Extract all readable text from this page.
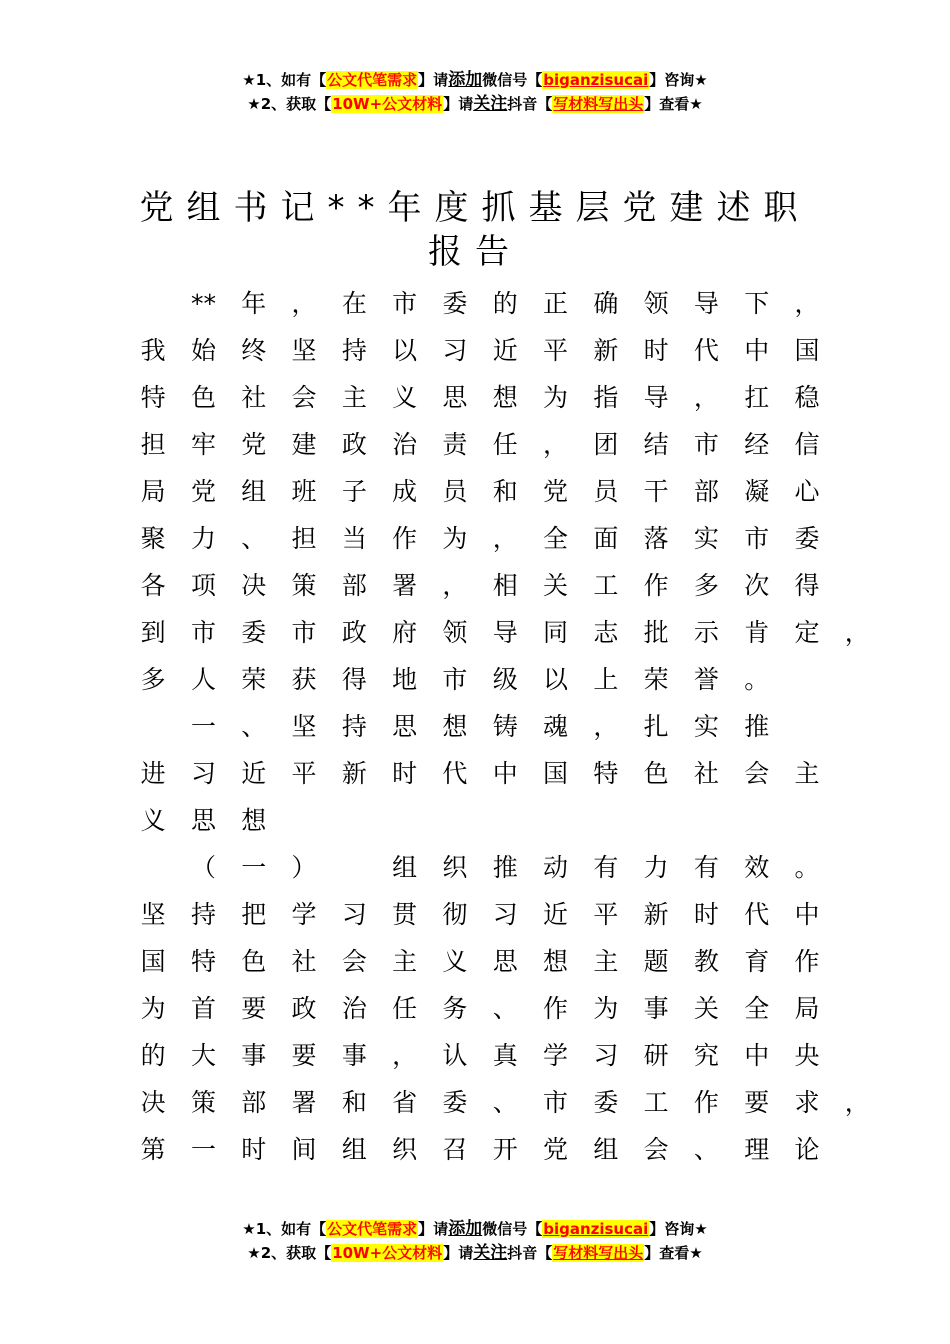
★1、如有【公文代笔需求】请添加微信号【biganzisucai】咨询★
★2、获取【10W+公文材料】请关注抖音【写材料写出头】查看★
党组书记**年度抓基层党建述职
报告
** 年 ， 在 市 委 的 正 确 领 导 下 ，
我 始 终 坚 持 以 习 近 平 新 时 代 中 国
特 色 社 会 主 义 思 想 为 指 导 ， 扛 稳
担 牢 党 建 政 治 责 任 ， 团 结 市 经 信
局 党 组 班 子 成 员 和 党 员 干 部 凝 心
聚 力 、 担 当 作 为 ， 全 面 落 实 市 委
各 项 决 策 部 署 ， 相 关 工 作 多 次 得
到 市 委 市 政 府 领 导 同 志 批 示 肯 定 ，
多 人 荣 获 得 地 市 级 以 上 荣 誉 。
一 、 坚 持 思 想 铸 魂 ， 扎 实 推
进 习 近 平 新 时 代 中 国 特 色 社 会 主
义 思 想
（ 一 ）	组 织 推 动 有 力 有 效 。
坚 持 把 学 习 贯 彻 习 近 平 新 时 代 中
国 特 色 社 会 主 义 思 想 主 题 教 育 作
为 首 要 政 治 任 务 、 作 为 事 关 全 局
的 大 事 要 事 ， 认 真 学 习 研 究 中 央
决 策 部 署 和 省 委 、 市 委 工 作 要 求 ，
第 一 时 间 组 织 召 开 党 组 会 、 理 论
★1、如有【公文代笔需求】请添加微信号【biganzisucai】咨询★
★2、获取【10W+公文材料】请关注抖音【写材料写出头】查看★
